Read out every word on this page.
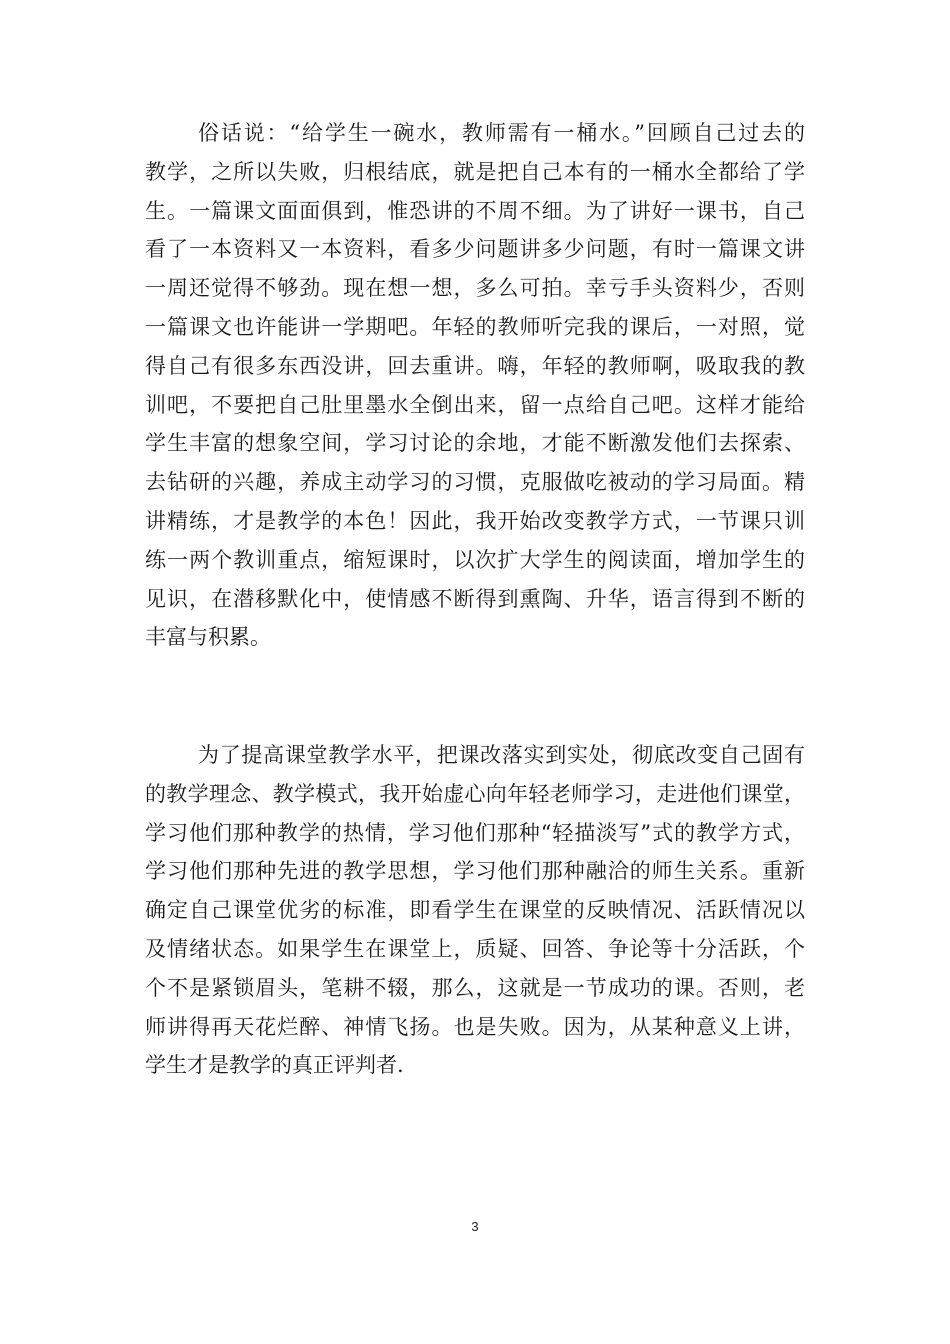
俗话说：“给学生一碗水，教师需有一桶水。”回顾自己过去的
教学，之所以失败，归根结底，就是把自己本有的一桶水全都给了学
生。一篇课文面面俱到，惟恐讲的不周不细。为了讲好一课书，自己
看了一本资料又一本资料，看多少问题讲多少问题，有时一篇课文讲
一周还觉得不够劲。现在想一想，多么可拍。幸亏手头资料少，否则
一篇课文也许能讲一学期吧。年轻的教师听完我的课后，一对照，觉
得自己有很多东西没讲，回去重讲。嗨，年轻的教师啊，吸取我的教
训吧，不要把自己肚里墨水全倒出来，留一点给自己吧。这样才能给
学生丰富的想象空间，学习讨论的余地，才能不断激发他们去探索、
去钻研的兴趣，养成主动学习的习惯，克服做吃被动的学习局面。精
讲精练，才是教学的本色！因此，我开始改变教学方式，一节课只训
练一两个教训重点，缩短课时，以次扩大学生的阅读面，增加学生的
见识，在潜移默化中，使情感不断得到熏陶、升华，语言得到不断的
丰富与积累。
为了提高课堂教学水平，把课改落实到实处，彻底改变自己固有
的教学理念、教学模式，我开始虚心向年轻老师学习，走进他们课堂，
学习他们那种教学的热情，学习他们那种“轻描淡写”式的教学方式，
学习他们那种先进的教学思想，学习他们那种融洽的师生关系。重新
确定自己课堂优劣的标准，即看学生在课堂的反映情况、活跃情况以
及情绪状态。如果学生在课堂上，质疑、回答、争论等十分活跃，个
个不是紧锁眉头，笔耕不辍，那么，这就是一节成功的课。否则，老
师讲得再天花烂醉、神情飞扬。也是失败。因为，从某种意义上讲，
学生才是教学的真正评判者.
3
